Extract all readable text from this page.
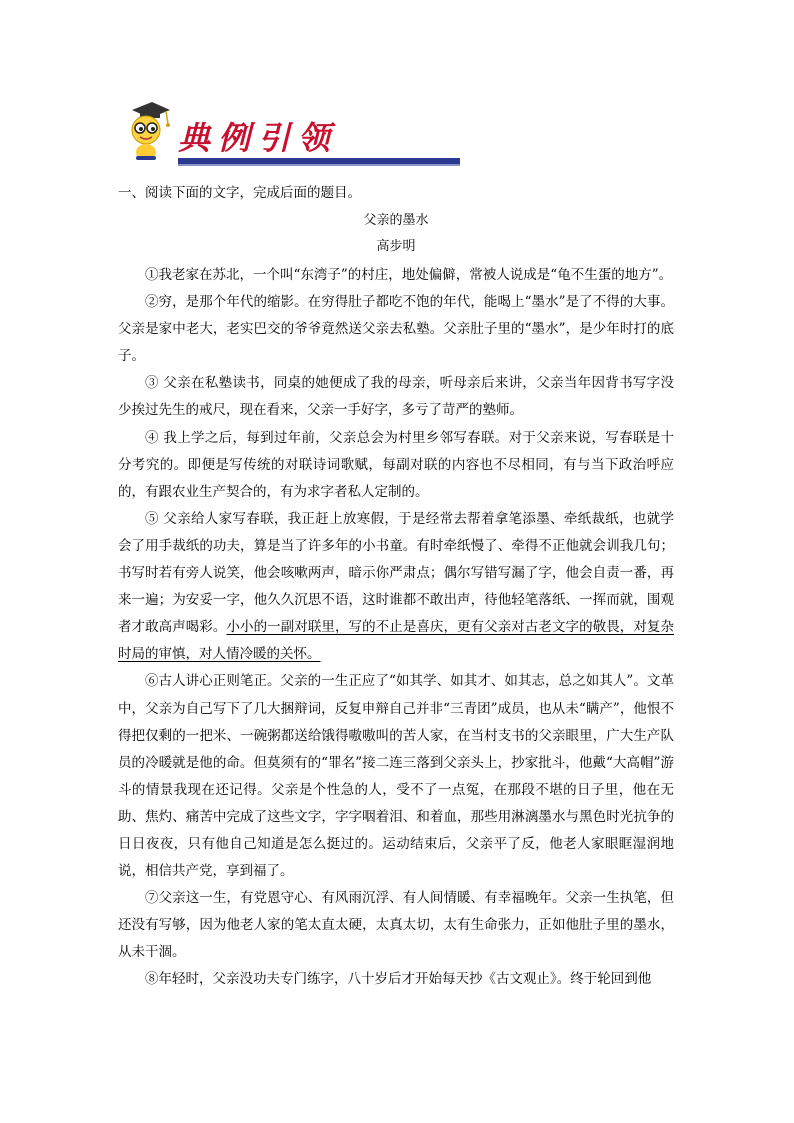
典例引领
一、阅读下面的文字，完成后面的题目。
父亲的墨水
高步明

①我老家在苏北，一个叫“东湾子”的村庄，地处偏僻，常被人说成是“龟不生蛋的地方”。

②穷，是那个年代的缩影。在穷得肚子都吃不饱的年代，能喝上“墨水”是了不得的大事。父亲是家中老大，老实巴交的爷爷竟然送父亲去私塾。父亲肚子里的“墨水”，是少年时打的底子。

③ 父亲在私塾读书，同桌的她便成了我的母亲，听母亲后来讲，父亲当年因背书写字没少挨过先生的戒尺，现在看来，父亲一手好字，多亏了苛严的塾师。

④ 我上学之后，每到过年前，父亲总会为村里乡邻写春联。对于父亲来说，写春联是十分考究的。即便是写传统的对联诗词歌赋，每副对联的内容也不尽相同，有与当下政治呼应的，有跟农业生产契合的，有为求字者私人定制的。

⑤ 父亲给人家写春联，我正赶上放寒假，于是经常去帮着拿笔添墨、牵纸裁纸，也就学会了用手裁纸的功夫，算是当了许多年的小书童。有时牵纸慢了、牵得不正他就会训我几句；书写时若有旁人说笑，他会咳嗽两声，暗示你严肃点；偶尔写错写漏了字，他会自责一番，再来一遍；为安妥一字，他久久沉思不语，这时谁都不敢出声，待他轻笔落纸、一挥而就，围观者才敢高声喝彩。小小的一副对联里，写的不止是喜庆，更有父亲对古老文字的敬畏，对复杂时局的审慎，对人情冷暖的关怀。

⑥古人讲心正则笔正。父亲的一生正应了“如其学、如其才、如其志，总之如其人”。文革中，父亲为自己写下了几大捆辩词，反复申辩自己并非“三青团”成员，也从未“瞒产”，他恨不得把仅剩的一把米、一碗粥都送给饿得嗷嗷叫的苦人家，在当村支书的父亲眼里，广大生产队员的冷暖就是他的命。但莫须有的“罪名”接二连三落到父亲头上，抄家批斗，他戴“大高帽”游斗的情景我现在还记得。父亲是个性急的人，受不了一点冤，在那段不堪的日子里，他在无助、焦灼、痛苦中完成了这些文字，字字咽着泪、和着血，那些用淋漓墨水与黑色时光抗争的日日夜夜，只有他自己知道是怎么挺过的。运动结束后，父亲平了反，他老人家眼眶湿润地说，相信共产党，享到福了。

⑦父亲这一生，有党恩守心、有风雨沉浮、有人间情暖、有幸福晚年。父亲一生执笔，但还没有写够，因为他老人家的笔太直太硬，太真太切，太有生命张力，正如他肚子里的墨水，从未干涸。

⑧年轻时，父亲没功夫专门练字，八十岁后才开始每天抄《古文观止》。终于轮回到他
